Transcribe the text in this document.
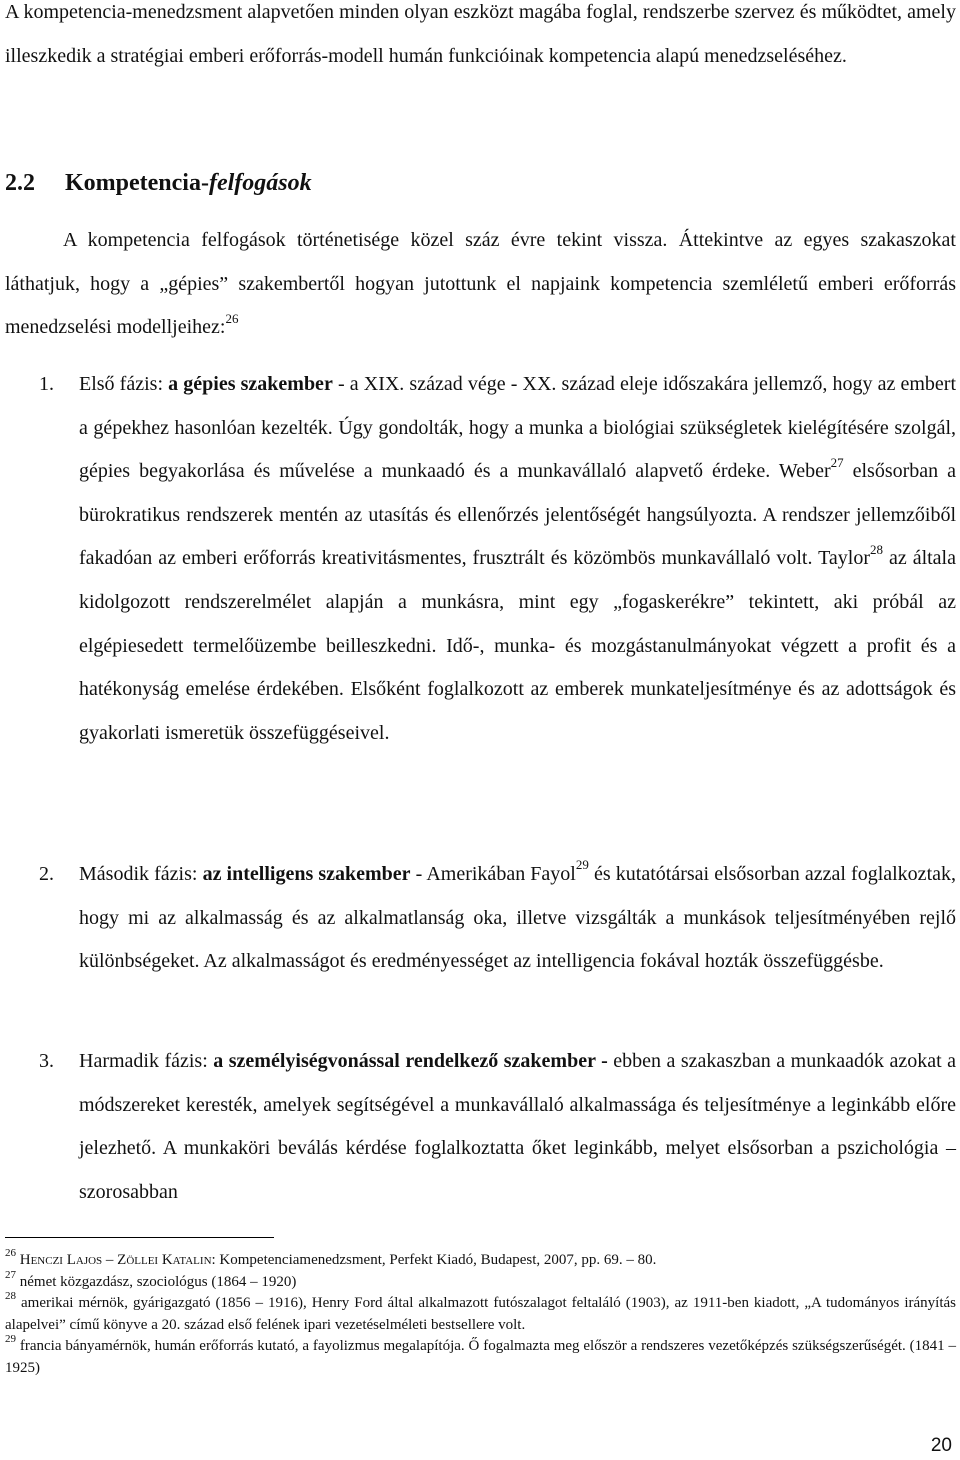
A kompetencia-menedzsment alapvetően minden olyan eszközt magába foglal, rendszerbe szervez és működtet, amely illeszkedik a stratégiai emberi erőforrás-modell humán funkcióinak kompetencia alapú menedzseléséhez.

2.2 Kompetencia-felfogások

A kompetencia felfogások történetisége közel száz évre tekint vissza. Áttekintve az egyes szakaszokat láthatjuk, hogy a „gépies” szakembertől hogyan jutottunk el napjaink kompetencia szemléletű emberi erőforrás menedzselési modelljeihez:$^{26}$

1. Első fázis: a gépies szakember - a XIX. század vége - XX. század eleje időszakára jellemző, hogy az embert a gépekhez hasonlóan kezelték. Úgy gondolták, hogy a munka a biológiai szükségletek kielégítésére szolgál, gépies begyakorlása és művelése a munkaadó és a munkavállaló alapvető érdeke. Weber$^{27}$ elsősorban a bürokratikus rendszerek mentén az utasítás és ellenőrzés jelentőségét hangsúlyozta. A rendszer jellemzőiből fakadóan az emberi erőforrás kreativitásmentes, frusztrált és közömbös munkavállaló volt. Taylor$^{28}$ az általa kidolgozott rendszerelmélet alapján a munkásra, mint egy „fogaskerékre” tekintett, aki próbál az elgépiesedett termelőüzembe beilleszkedni. Idő-, munka- és mozgástanulmányokat végzett a profit és a hatékonyság emelése érdekében. Elsőként foglalkozott az emberek munkateljesítménye és az adottságok és gyakorlati ismeretük összefüggéseivel.
2. Második fázis: az intelligens szakember - Amerikában Fayol$^{29}$ és kutatótársai elsősorban azzal foglalkoztak, hogy mi az alkalmasság és az alkalmatlanság oka, illetve vizsgálták a munkások teljesítményében rejlő különbségeket. Az alkalmasságot és eredményességet az intelligencia fokával hozták összefüggésbe.
3. Harmadik fázis: a személyiségvonással rendelkező szakember - ebben a szakaszban a munkaadók azokat a módszereket keresték, amelyek segítségével a munkavállaló alkalmassága és teljesítménye a leginkább előre jelezhető. A munkaköri beválás kérdése foglalkoztatta őket leginkább, melyet elsősorban a pszichológia – szorosabban

$^{26}$ Henczi Lajos – Zöllei Katalin: Kompetenciamenedzsment, Perfekt Kiadó, Budapest, 2007, pp. 69. – 80.

$^{27}$ német közgazdász, szociológus (1864 – 1920)

$^{28}$ amerikai mérnök, gyárigazgató (1856 – 1916), Henry Ford által alkalmazott futószalagot feltaláló (1903), az 1911-ben kiadott, „A tudományos irányítás alapelvei” című könyve a 20. század első felének ipari vezetéselméleti bestsellere volt.

$^{29}$ francia bányamérnök, humán erőforrás kutató, a fayolizmus megalapítója. Ő fogalmazta meg először a rendszeres vezetőképzés szükségszerűségét. (1841 – 1925)

20
